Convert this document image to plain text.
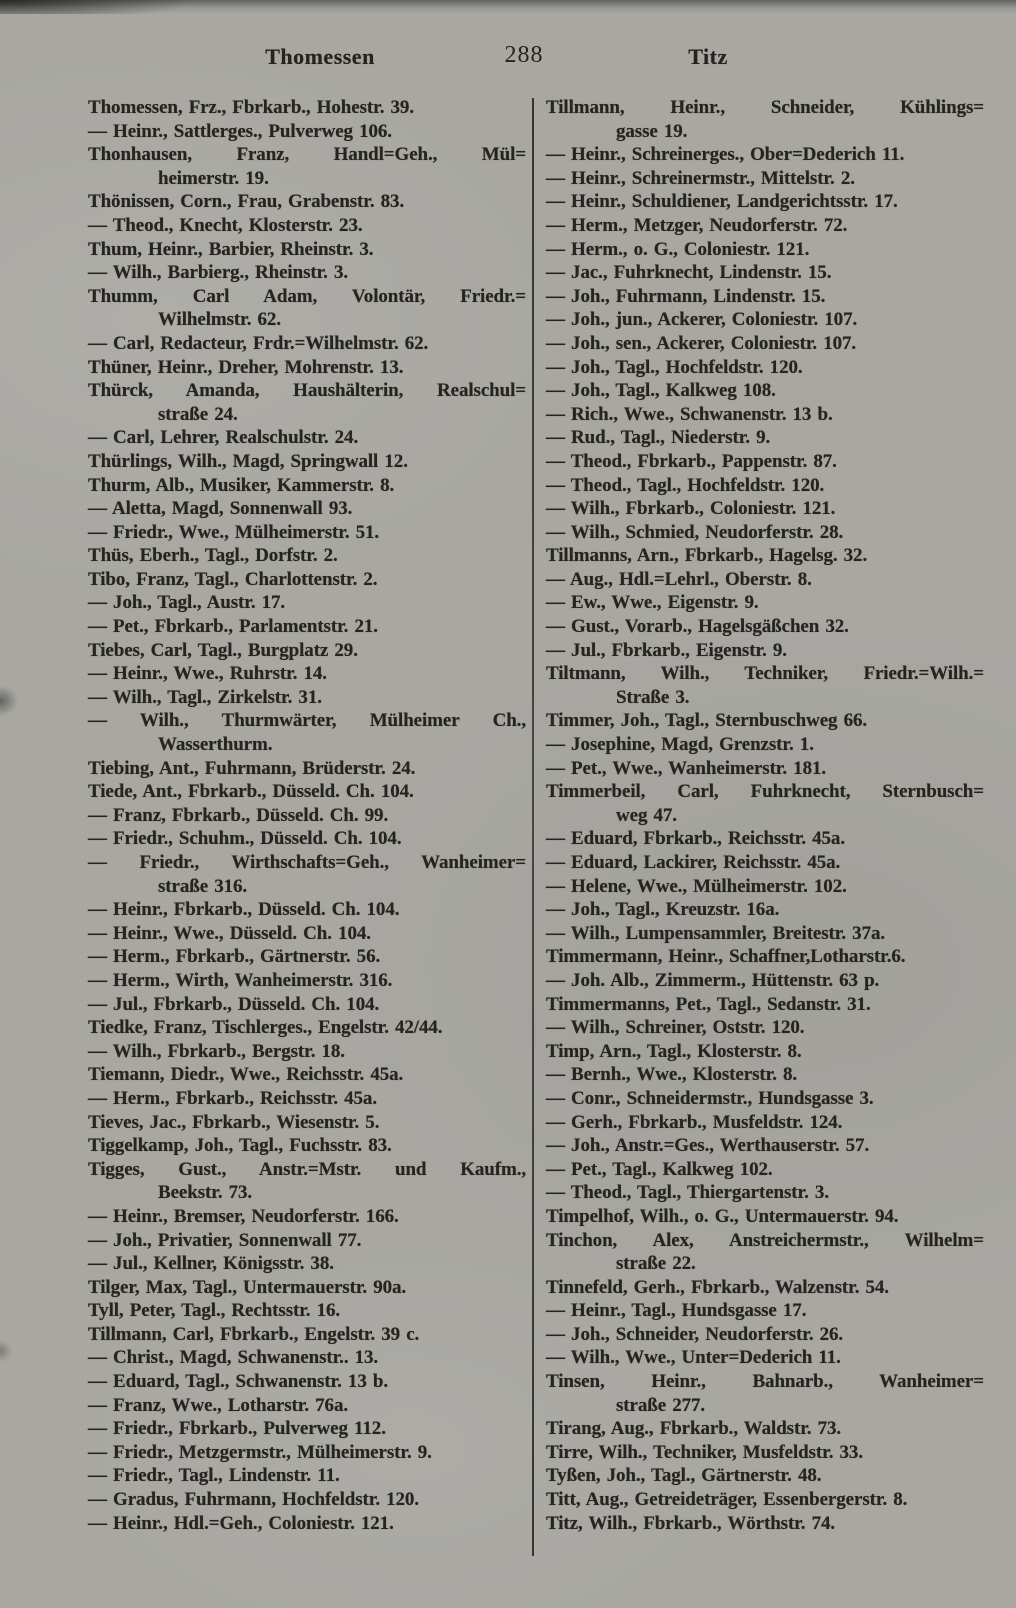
Thomessen	288	Titz
Thomessen, Frz., Fbrkarb., Hohestr. 39.
— Heinr., Sattlerges., Pulverweg 106.
Thonhausen, Franz, Handl=Geh., Mül=
heimerstr. 19.
Thönissen, Corn., Frau, Grabenstr. 83.
— Theod., Knecht, Klosterstr. 23.
Thum, Heinr., Barbier, Rheinstr. 3.
— Wilh., Barbierg., Rheinstr. 3.
Thumm, Carl Adam, Volontär, Friedr.=
Wilhelmstr. 62.
— Carl, Redacteur, Frdr.=Wilhelmstr. 62.
Thüner, Heinr., Dreher, Mohrenstr. 13.
Thürck, Amanda, Haushälterin, Realschul=
straße 24.
— Carl, Lehrer, Realschulstr. 24.
Thürlings, Wilh., Magd, Springwall 12.
Thurm, Alb., Musiker, Kammerstr. 8.
— Aletta, Magd, Sonnenwall 93.
— Friedr., Wwe., Mülheimerstr. 51.
Thüs, Eberh., Tagl., Dorfstr. 2.
Tibo, Franz, Tagl., Charlottenstr. 2.
— Joh., Tagl., Austr. 17.
— Pet., Fbrkarb., Parlamentstr. 21.
Tiebes, Carl, Tagl., Burgplatz 29.
— Heinr., Wwe., Ruhrstr. 14.
— Wilh., Tagl., Zirkelstr. 31.
— Wilh., Thurmwärter, Mülheimer Ch.,
Wasserthurm.
Tiebing, Ant., Fuhrmann, Brüderstr. 24.
Tiede, Ant., Fbrkarb., Düsseld. Ch. 104.
— Franz, Fbrkarb., Düsseld. Ch. 99.
— Friedr., Schuhm., Düsseld. Ch. 104.
— Friedr., Wirthschafts=Geh., Wanheimer=
straße 316.
— Heinr., Fbrkarb., Düsseld. Ch. 104.
— Heinr., Wwe., Düsseld. Ch. 104.
— Herm., Fbrkarb., Gärtnerstr. 56.
— Herm., Wirth, Wanheimerstr. 316.
— Jul., Fbrkarb., Düsseld. Ch. 104.
Tiedke, Franz, Tischlerges., Engelstr. 42/44.
— Wilh., Fbrkarb., Bergstr. 18.
Tiemann, Diedr., Wwe., Reichsstr. 45a.
— Herm., Fbrkarb., Reichsstr. 45a.
Tieves, Jac., Fbrkarb., Wiesenstr. 5.
Tiggelkamp, Joh., Tagl., Fuchsstr. 83.
Tigges, Gust., Anstr.=Mstr. und Kaufm.,
Beekstr. 73.
— Heinr., Bremser, Neudorferstr. 166.
— Joh., Privatier, Sonnenwall 77.
— Jul., Kellner, Königsstr. 38.
Tilger, Max, Tagl., Untermauerstr. 90a.
Tyll, Peter, Tagl., Rechtsstr. 16.
Tillmann, Carl, Fbrkarb., Engelstr. 39 c.
— Christ., Magd, Schwanenstr.. 13.
— Eduard, Tagl., Schwanenstr. 13 b.
— Franz, Wwe., Lotharstr. 76a.
— Friedr., Fbrkarb., Pulverweg 112.
— Friedr., Metzgermstr., Mülheimerstr. 9.
— Friedr., Tagl., Lindenstr. 11.
— Gradus, Fuhrmann, Hochfeldstr. 120.
— Heinr., Hdl.=Geh., Coloniestr. 121.
Tillmann, Heinr., Schneider, Kühlings=
gasse 19.
— Heinr., Schreinerges., Ober=Dederich 11.
— Heinr., Schreinermstr., Mittelstr. 2.
— Heinr., Schuldiener, Landgerichtsstr. 17.
— Herm., Metzger, Neudorferstr. 72.
— Herm., o. G., Coloniestr. 121.
— Jac., Fuhrknecht, Lindenstr. 15.
— Joh., Fuhrmann, Lindenstr. 15.
— Joh., jun., Ackerer, Coloniestr. 107.
— Joh., sen., Ackerer, Coloniestr. 107.
— Joh., Tagl., Hochfeldstr. 120.
— Joh., Tagl., Kalkweg 108.
— Rich., Wwe., Schwanenstr. 13 b.
— Rud., Tagl., Niederstr. 9.
— Theod., Fbrkarb., Pappenstr. 87.
— Theod., Tagl., Hochfeldstr. 120.
— Wilh., Fbrkarb., Coloniestr. 121.
— Wilh., Schmied, Neudorferstr. 28.
Tillmanns, Arn., Fbrkarb., Hagelsg. 32.
— Aug., Hdl.=Lehrl., Oberstr. 8.
— Ew., Wwe., Eigenstr. 9.
— Gust., Vorarb., Hagelsgäßchen 32.
— Jul., Fbrkarb., Eigenstr. 9.
Tiltmann, Wilh., Techniker, Friedr.=Wilh.=
Straße 3.
Timmer, Joh., Tagl., Sternbuschweg 66.
— Josephine, Magd, Grenzstr. 1.
— Pet., Wwe., Wanheimerstr. 181.
Timmerbeil, Carl, Fuhrknecht, Sternbusch=
weg 47.
— Eduard, Fbrkarb., Reichsstr. 45a.
— Eduard, Lackirer, Reichsstr. 45a.
— Helene, Wwe., Mülheimerstr. 102.
— Joh., Tagl., Kreuzstr. 16a.
— Wilh., Lumpensammler, Breitestr. 37a.
Timmermann, Heinr., Schaffner,Lotharstr.6.
— Joh. Alb., Zimmerm., Hüttenstr. 63 p.
Timmermanns, Pet., Tagl., Sedanstr. 31.
— Wilh., Schreiner, Oststr. 120.
Timp, Arn., Tagl., Klosterstr. 8.
— Bernh., Wwe., Klosterstr. 8.
— Conr., Schneidermstr., Hundsgasse 3.
— Gerh., Fbrkarb., Musfeldstr. 124.
— Joh., Anstr.=Ges., Werthauserstr. 57.
— Pet., Tagl., Kalkweg 102.
— Theod., Tagl., Thiergartenstr. 3.
Timpelhof, Wilh., o. G., Untermauerstr. 94.
Tinchon, Alex, Anstreichermstr., Wilhelm=
straße 22.
Tinnefeld, Gerh., Fbrkarb., Walzenstr. 54.
— Heinr., Tagl., Hundsgasse 17.
— Joh., Schneider, Neudorferstr. 26.
— Wilh., Wwe., Unter=Dederich 11.
Tinsen, Heinr., Bahnarb., Wanheimer=
straße 277.
Tirang, Aug., Fbrkarb., Waldstr. 73.
Tirre, Wilh., Techniker, Musfeldstr. 33.
Tyßen, Joh., Tagl., Gärtnerstr. 48.
Titt, Aug., Getreideträger, Essenbergerstr. 8.
Titz, Wilh., Fbrkarb., Wörthstr. 74.
